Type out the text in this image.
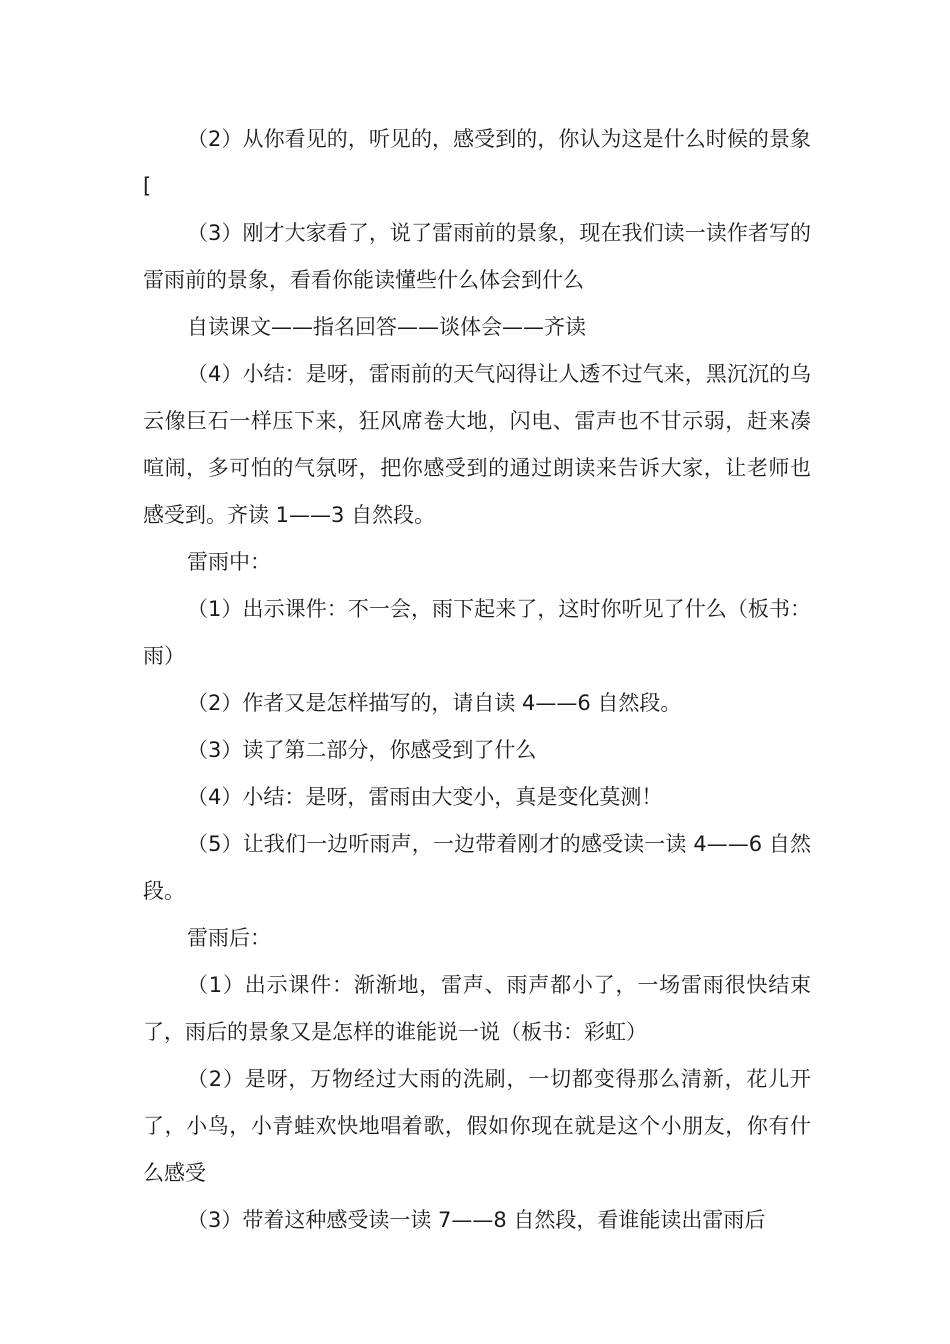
（2）从你看见的，听见的，感受到的，你认为这是什么时候的景象[

（3）刚才大家看了，说了雷雨前的景象，现在我们读一读作者写的雷雨前的景象，看看你能读懂些什么体会到什么

自读课文——指名回答——谈体会——齐读

（4）小结：是呀，雷雨前的天气闷得让人透不过气来，黑沉沉的乌云像巨石一样压下来，狂风席卷大地，闪电、雷声也不甘示弱，赶来凑喧闹，多可怕的气氛呀，把你感受到的通过朗读来告诉大家，让老师也感受到。齐读 1——3 自然段。

雷雨中：

（1）出示课件：不一会，雨下起来了，这时你听见了什么（板书：雨）

（2）作者又是怎样描写的，请自读 4——6 自然段。

（3）读了第二部分，你感受到了什么

（4）小结：是呀，雷雨由大变小，真是变化莫测！

（5）让我们一边听雨声，一边带着刚才的感受读一读 4——6 自然段。

雷雨后：

（1）出示课件：渐渐地，雷声、雨声都小了，一场雷雨很快结束了，雨后的景象又是怎样的谁能说一说（板书：彩虹）

（2）是呀，万物经过大雨的洗刷，一切都变得那么清新，花儿开了，小鸟，小青蛙欢快地唱着歌，假如你现在就是这个小朋友，你有什么感受

（3）带着这种感受读一读 7——8 自然段，看谁能读出雷雨后
